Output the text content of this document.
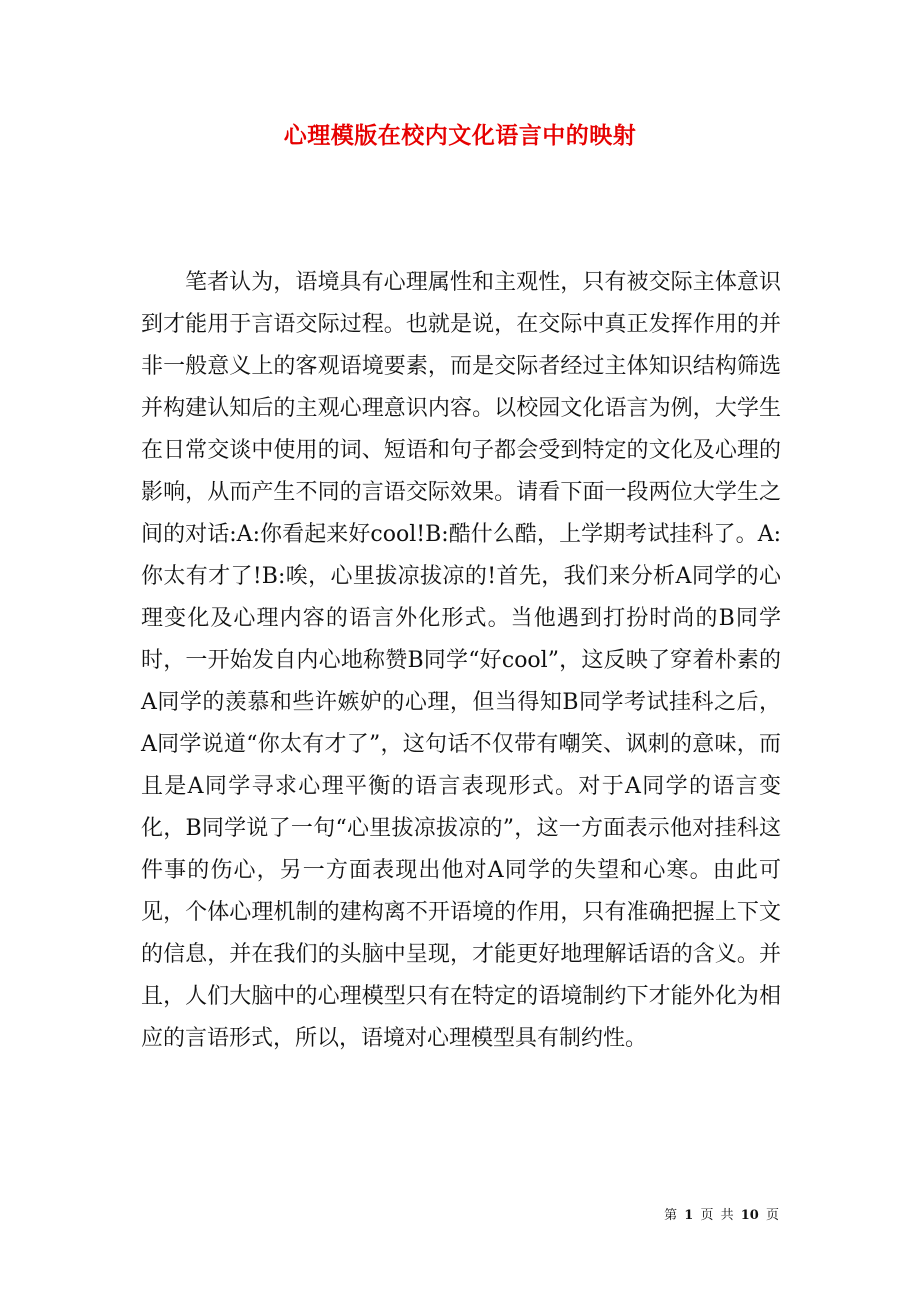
心理模版在校内文化语言中的映射

笔者认为，语境具有心理属性和主观性，只有被交际主体意识到才能用于言语交际过程。也就是说，在交际中真正发挥作用的并非一般意义上的客观语境要素，而是交际者经过主体知识结构筛选并构建认知后的主观心理意识内容。以校园文化语言为例，大学生在日常交谈中使用的词、短语和句子都会受到特定的文化及心理的影响，从而产生不同的言语交际效果。请看下面一段两位大学生之间的对话:A:你看起来好cool!B:酷什么酷，上学期考试挂科了。A:你太有才了!B:唉，心里拔凉拔凉的!首先，我们来分析A同学的心理变化及心理内容的语言外化形式。当他遇到打扮时尚的B同学时，一开始发自内心地称赞B同学“好cool”，这反映了穿着朴素的A同学的羡慕和些许嫉妒的心理，但当得知B同学考试挂科之后，A同学说道“你太有才了”，这句话不仅带有嘲笑、讽刺的意味，而且是A同学寻求心理平衡的语言表现形式。对于A同学的语言变化，B同学说了一句“心里拔凉拔凉的”，这一方面表示他对挂科这件事的伤心，另一方面表现出他对A同学的失望和心寒。由此可见，个体心理机制的建构离不开语境的作用，只有准确把握上下文的信息，并在我们的头脑中呈现，才能更好地理解话语的含义。并且，人们大脑中的心理模型只有在特定的语境制约下才能外化为相应的言语形式，所以，语境对心理模型具有制约性。

第 1 页 共 10 页
